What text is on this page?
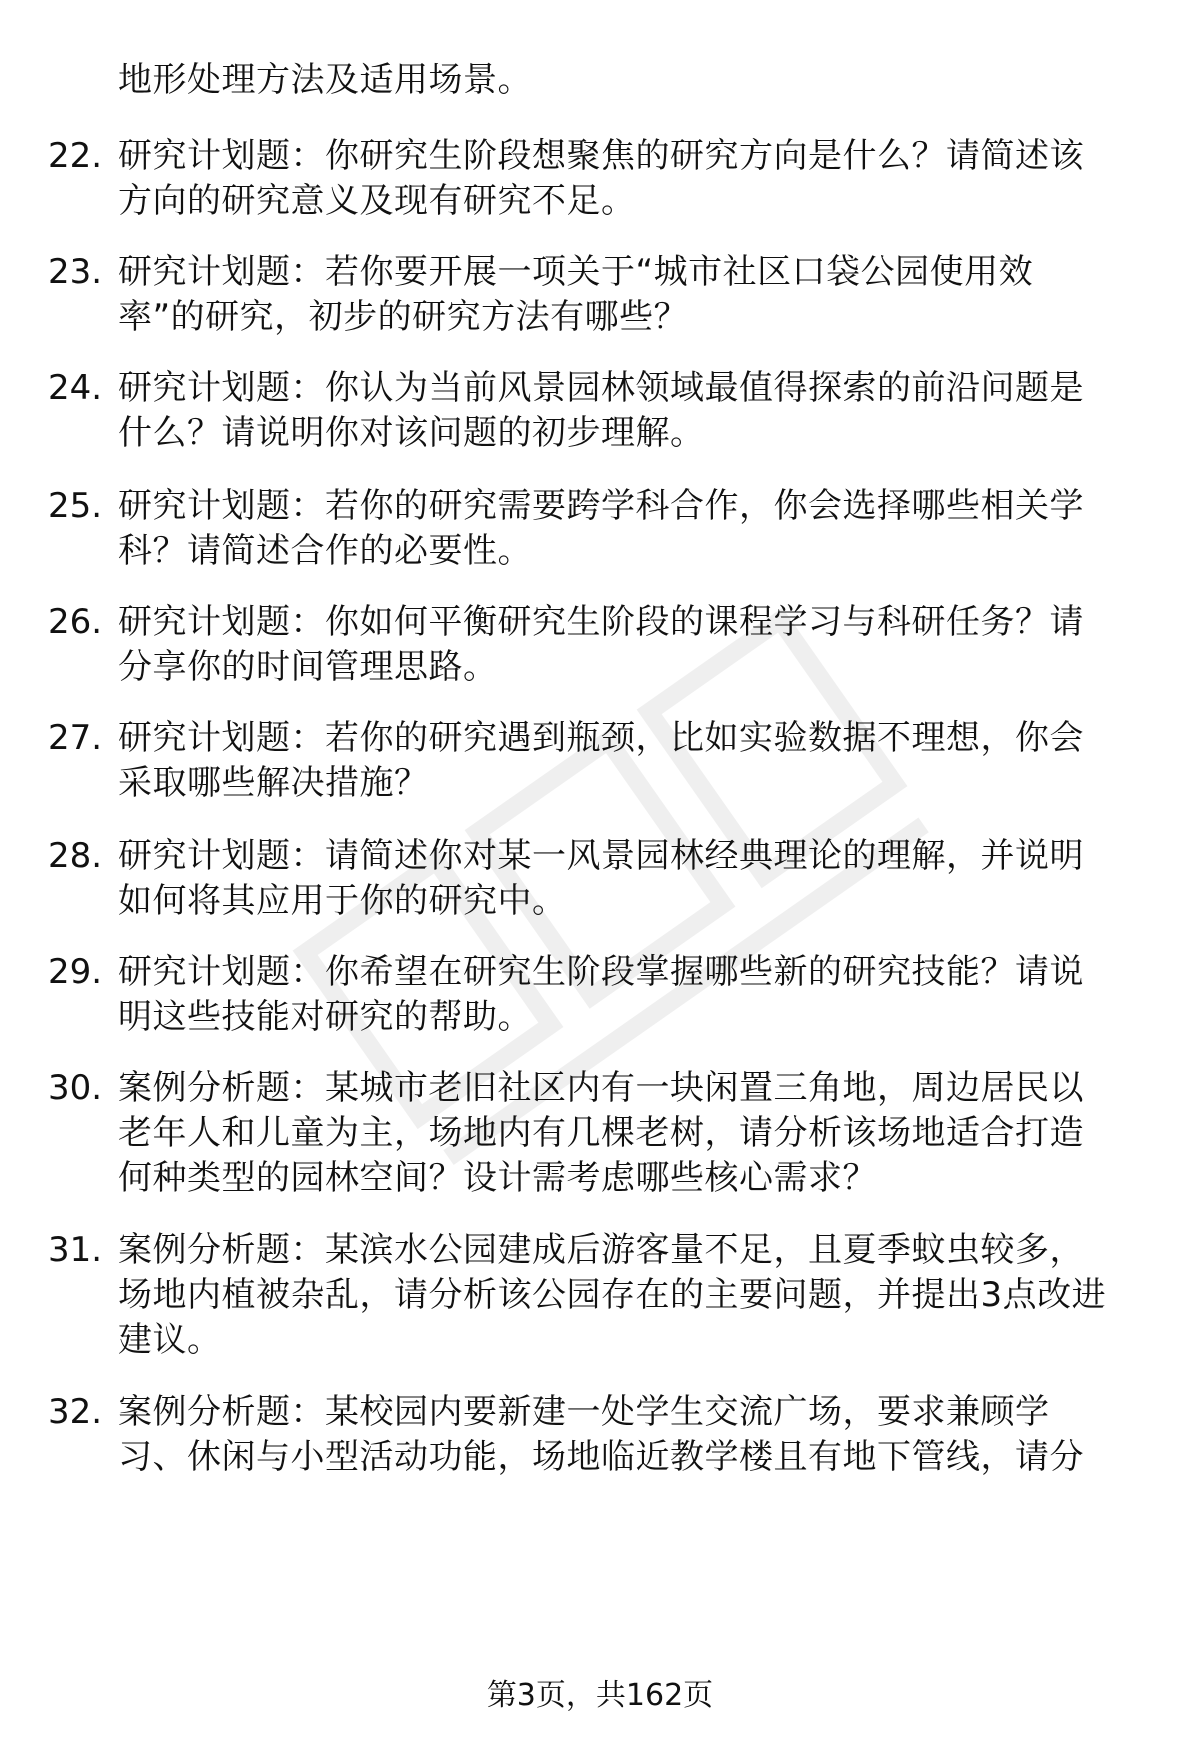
地形处理方法及适用场景。
22. 研究计划题：你研究生阶段想聚焦的研究方向是什么？请简述该
方向的研究意义及现有研究不足。
23. 研究计划题：若你要开展一项关于“城市社区口袋公园使用效
率”的研究，初步的研究方法有哪些？
24. 研究计划题：你认为当前风景园林领域最值得探索的前沿问题是
什么？请说明你对该问题的初步理解。
25. 研究计划题：若你的研究需要跨学科合作，你会选择哪些相关学
科？请简述合作的必要性。
26. 研究计划题：你如何平衡研究生阶段的课程学习与科研任务？请
分享你的时间管理思路。
27. 研究计划题：若你的研究遇到瓶颈，比如实验数据不理想，你会
采取哪些解决措施？
28. 研究计划题：请简述你对某一风景园林经典理论的理解，并说明
如何将其应用于你的研究中。
29. 研究计划题：你希望在研究生阶段掌握哪些新的研究技能？请说
明这些技能对研究的帮助。
30. 案例分析题：某城市老旧社区内有一块闲置三角地，周边居民以
老年人和儿童为主，场地内有几棵老树，请分析该场地适合打造
何种类型的园林空间？设计需考虑哪些核心需求？
31. 案例分析题：某滨水公园建成后游客量不足，且夏季蚊虫较多，
场地内植被杂乱，请分析该公园存在的主要问题，并提出3点改进
建议。
32. 案例分析题：某校园内要新建一处学生交流广场，要求兼顾学
习、休闲与小型活动功能，场地临近教学楼且有地下管线，请分
第3页，共162页
